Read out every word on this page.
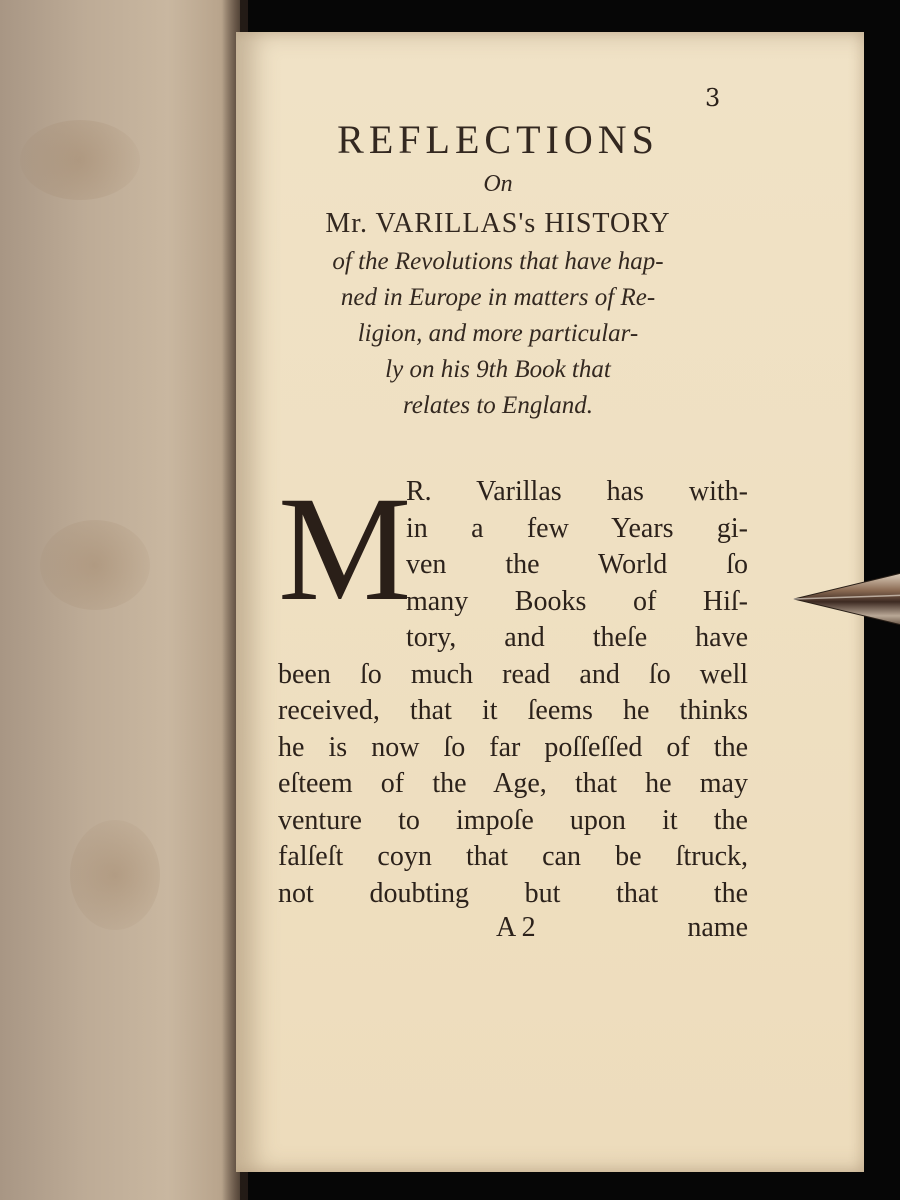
3
REFLECTIONS
On
Mr. VARILLAS's HISTORY
of the Revolutions that have hap-
ned in Europe in matters of Re-
ligion, and more particular-
ly on his 9th Book that
relates to England.
M
R. Varillas has with-
in a few Years gi-
ven the World ſo
many Books of Hiſ-
tory, and theſe have
been ſo much read and ſo well
received, that it ſeems he thinks
he is now ſo far poſſeſſed of the
eſteem of the Age, that he may
venture to impoſe upon it the
falſeſt coyn that can be ſtruck,
not doubting but that the
A 2	name
